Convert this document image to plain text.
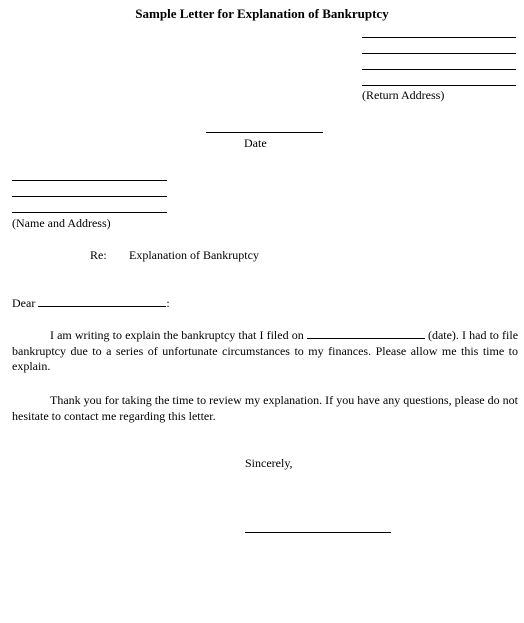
Sample Letter for Explanation of Bankruptcy
(Return Address)
Date
(Name and Address)
Re: Explanation of Bankruptcy
Dear	:
I am writing to explain the bankruptcy that I filed on	(date). I had to file bankruptcy due to a series of unfortunate circumstances to my finances. Please allow me this time to explain.
Thank you for taking the time to review my explanation. If you have any questions, please do not hesitate to contact me regarding this letter.
Sincerely,
